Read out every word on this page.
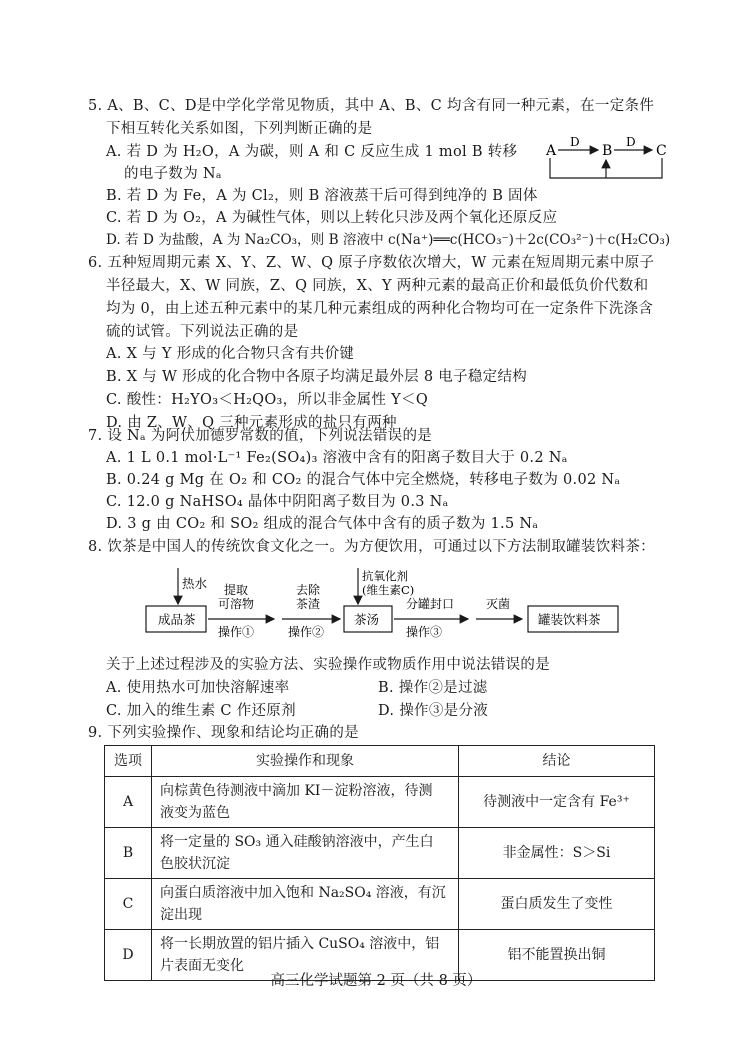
5. A、B、C、D是中学化学常见物质，其中 A、B、C 均含有同一种元素，在一定条件
下相互转化关系如图，下列判断正确的是
A. 若 D 为 H₂O，A 为碳，则 A 和 C 反应生成 1 mol B 转移
的电子数为 Nₐ
B. 若 D 为 Fe，A 为 Cl₂，则 B 溶液蒸干后可得到纯净的 B 固体
C. 若 D 为 O₂，A 为碱性气体，则以上转化只涉及两个氧化还原反应
D. 若 D 为盐酸，A 为 Na₂CO₃，则 B 溶液中 c(Na⁺)══c(HCO₃⁻)＋2c(CO₃²⁻)＋c(H₂CO₃)
A	B	C
D	D
6. 五种短周期元素 X、Y、Z、W、Q 原子序数依次增大，W 元素在短周期元素中原子
半径最大，X、W 同族，Z、Q 同族，X、Y 两种元素的最高正价和最低负价代数和
均为 0，由上述五种元素中的某几种元素组成的两种化合物均可在一定条件下洗涤含
硫的试管。下列说法正确的是
A. X 与 Y 形成的化合物只含有共价键
B. X 与 W 形成的化合物中各原子均满足最外层 8 电子稳定结构
C. 酸性：H₂YO₃＜H₂QO₃，所以非金属性 Y＜Q
D. 由 Z、W、Q 三种元素形成的盐只有两种
7. 设 Nₐ 为阿伏加德罗常数的值，下列说法错误的是
A. 1 L 0.1 mol·L⁻¹ Fe₂(SO₄)₃ 溶液中含有的阳离子数目大于 0.2 Nₐ
B. 0.24 g Mg 在 O₂ 和 CO₂ 的混合气体中完全燃烧，转移电子数为 0.02 Nₐ
C. 12.0 g NaHSO₄ 晶体中阴阳离子数目为 0.3 Nₐ
D. 3 g 由 CO₂ 和 SO₂ 组成的混合气体中含有的质子数为 1.5 Nₐ
8. 饮茶是中国人的传统饮食文化之一。为方便饮用，可通过以下方法制取罐装饮料茶：
热水
成品茶
提取
可溶物
操作①
去除
茶渣
操作②
抗氧化剂
(维生素C)
茶汤
分罐封口
操作③
灭菌
罐装饮料茶
关于上述过程涉及的实验方法、实验操作或物质作用中说法错误的是
A. 使用热水可加快溶解速率	B. 操作②是过滤
C. 加入的维生素 C 作还原剂	D. 操作③是分液
9. 下列实验操作、现象和结论均正确的是
选项	实验操作和现象	结论
A	向棕黄色待测液中滴加 KI－淀粉溶液，待测
液变为蓝色	待测液中一定含有 Fe³⁺
B	将一定量的 SO₃ 通入硅酸钠溶液中，产生白
色胶状沉淀	非金属性：S＞Si
C	向蛋白质溶液中加入饱和 Na₂SO₄ 溶液，有沉
淀出现	蛋白质发生了变性
D	将一长期放置的铝片插入 CuSO₄ 溶液中，铝
片表面无变化	铝不能置换出铜
高三化学试题第 2 页（共 8 页）
